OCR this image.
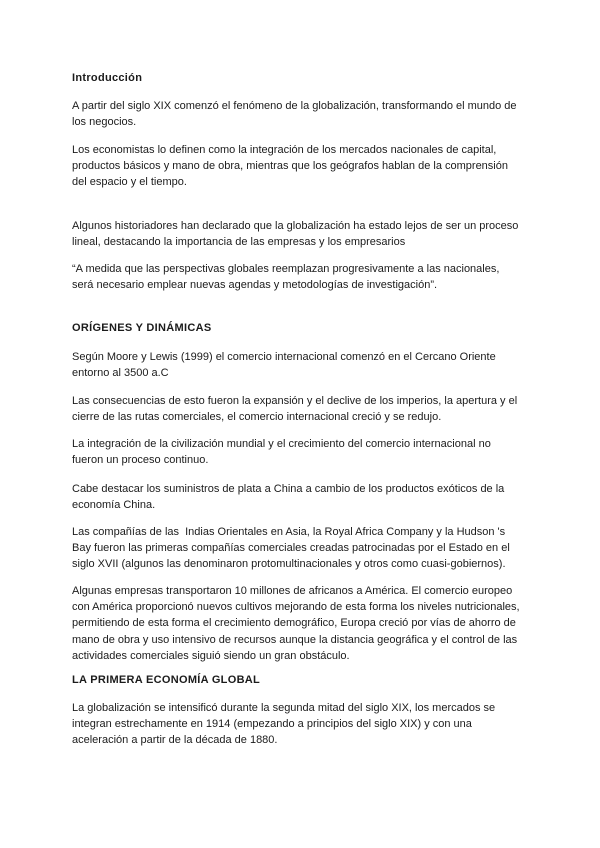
Introducción
A partir del siglo XIX comenzó el fenómeno de la globalización, transformando el mundo de
los negocios.
Los economistas lo definen como la integración de los mercados nacionales de capital,
productos básicos y mano de obra, mientras que los geógrafos hablan de la comprensión
del espacio y el tiempo.
Algunos historiadores han declarado que la globalización ha estado lejos de ser un proceso
lineal, destacando la importancia de las empresas y los empresarios
“A medida que las perspectivas globales reemplazan progresivamente a las nacionales,
será necesario emplear nuevas agendas y metodologías de investigación”.
ORÍGENES Y DINÁMICAS
Según Moore y Lewis (1999) el comercio internacional comenzó en el Cercano Oriente
entorno al 3500 a.C
Las consecuencias de esto fueron la expansión y el declive de los imperios, la apertura y el
cierre de las rutas comerciales, el comercio internacional creció y se redujo.
La integración de la civilización mundial y el crecimiento del comercio internacional no
fueron un proceso continuo.
Cabe destacar los suministros de plata a China a cambio de los productos exóticos de la
economía China.
Las compañías de las  Indias Orientales en Asia, la Royal Africa Company y la Hudson 's
Bay fueron las primeras compañías comerciales creadas patrocinadas por el Estado en el
siglo XVII (algunos las denominaron protomultinacionales y otros como cuasi-gobiernos).
Algunas empresas transportaron 10 millones de africanos a América. El comercio europeo
con América proporcionó nuevos cultivos mejorando de esta forma los niveles nutricionales,
permitiendo de esta forma el crecimiento demográfico, Europa creció por vías de ahorro de
mano de obra y uso intensivo de recursos aunque la distancia geográfica y el control de las
actividades comerciales siguió siendo un gran obstáculo.
LA PRIMERA ECONOMÍA GLOBAL
La globalización se intensificó durante la segunda mitad del siglo XIX, los mercados se
integran estrechamente en 1914 (empezando a principios del siglo XIX) y con una
aceleración a partir de la década de 1880.
